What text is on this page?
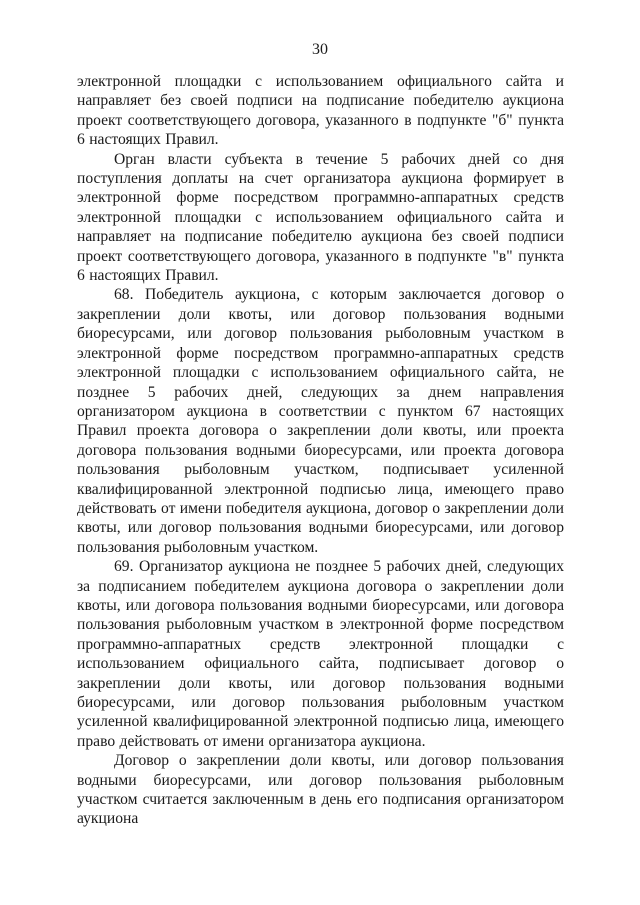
30

электронной площадки с использованием официального сайта и направляет без своей подписи на подписание победителю аукциона проект соответствующего договора, указанного в подпункте "б" пункта 6 настоящих Правил.

Орган власти субъекта в течение 5 рабочих дней со дня поступления доплаты на счет организатора аукциона формирует в электронной форме посредством программно-аппаратных средств электронной площадки с использованием официального сайта и направляет на подписание победителю аукциона без своей подписи проект соответствующего договора, указанного в подпункте "в" пункта 6 настоящих Правил.

68. Победитель аукциона, с которым заключается договор о закреплении доли квоты, или договор пользования водными биоресурсами, или договор пользования рыболовным участком в электронной форме посредством программно-аппаратных средств электронной площадки с использованием официального сайта, не позднее 5 рабочих дней, следующих за днем направления организатором аукциона в соответствии с пунктом 67 настоящих Правил проекта договора о закреплении доли квоты, или проекта договора пользования водными биоресурсами, или проекта договора пользования рыболовным участком, подписывает усиленной квалифицированной электронной подписью лица, имеющего право действовать от имени победителя аукциона, договор о закреплении доли квоты, или договор пользования водными биоресурсами, или договор пользования рыболовным участком.

69. Организатор аукциона не позднее 5 рабочих дней, следующих за подписанием победителем аукциона договора о закреплении доли квоты, или договора пользования водными биоресурсами, или договора пользования рыболовным участком в электронной форме посредством программно-аппаратных средств электронной площадки с использованием официального сайта, подписывает договор о закреплении доли квоты, или договор пользования водными биоресурсами, или договор пользования рыболовным участком усиленной квалифицированной электронной подписью лица, имеющего право действовать от имени организатора аукциона.

Договор о закреплении доли квоты, или договор пользования водными биоресурсами, или договор пользования рыболовным участком считается заключенным в день его подписания организатором аукциона
